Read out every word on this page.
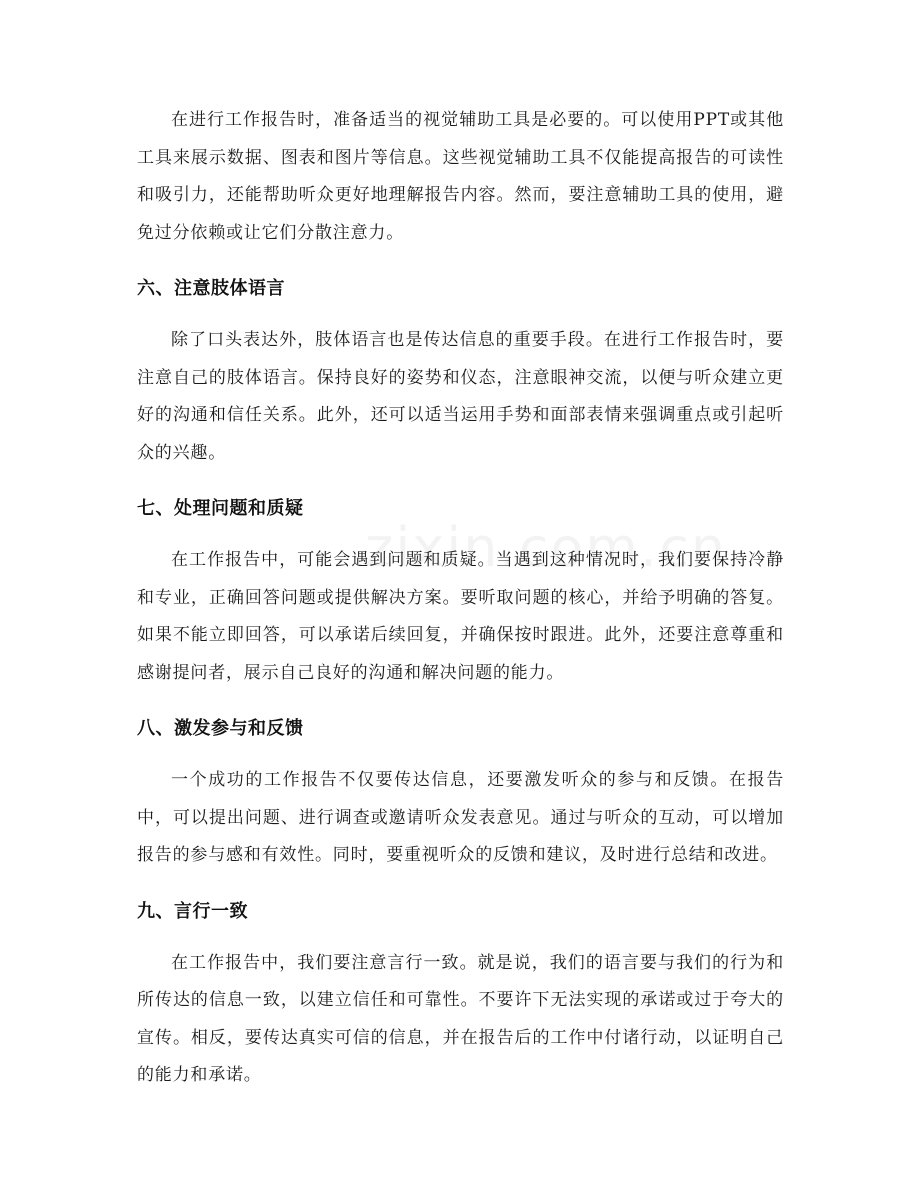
在进行工作报告时，准备适当的视觉辅助工具是必要的。可以使用PPT或其他工具来展示数据、图表和图片等信息。这些视觉辅助工具不仅能提高报告的可读性和吸引力，还能帮助听众更好地理解报告内容。然而，要注意辅助工具的使用，避免过分依赖或让它们分散注意力。

六、注意肢体语言

除了口头表达外，肢体语言也是传达信息的重要手段。在进行工作报告时，要注意自己的肢体语言。保持良好的姿势和仪态，注意眼神交流，以便与听众建立更好的沟通和信任关系。此外，还可以适当运用手势和面部表情来强调重点或引起听众的兴趣。

七、处理问题和质疑

在工作报告中，可能会遇到问题和质疑。当遇到这种情况时，我们要保持冷静和专业，正确回答问题或提供解决方案。要听取问题的核心，并给予明确的答复。如果不能立即回答，可以承诺后续回复，并确保按时跟进。此外，还要注意尊重和感谢提问者，展示自己良好的沟通和解决问题的能力。

八、激发参与和反馈

一个成功的工作报告不仅要传达信息，还要激发听众的参与和反馈。在报告中，可以提出问题、进行调查或邀请听众发表意见。通过与听众的互动，可以增加报告的参与感和有效性。同时，要重视听众的反馈和建议，及时进行总结和改进。

九、言行一致

在工作报告中，我们要注意言行一致。就是说，我们的语言要与我们的行为和所传达的信息一致，以建立信任和可靠性。不要许下无法实现的承诺或过于夸大的宣传。相反，要传达真实可信的信息，并在报告后的工作中付诸行动，以证明自己的能力和承诺。
